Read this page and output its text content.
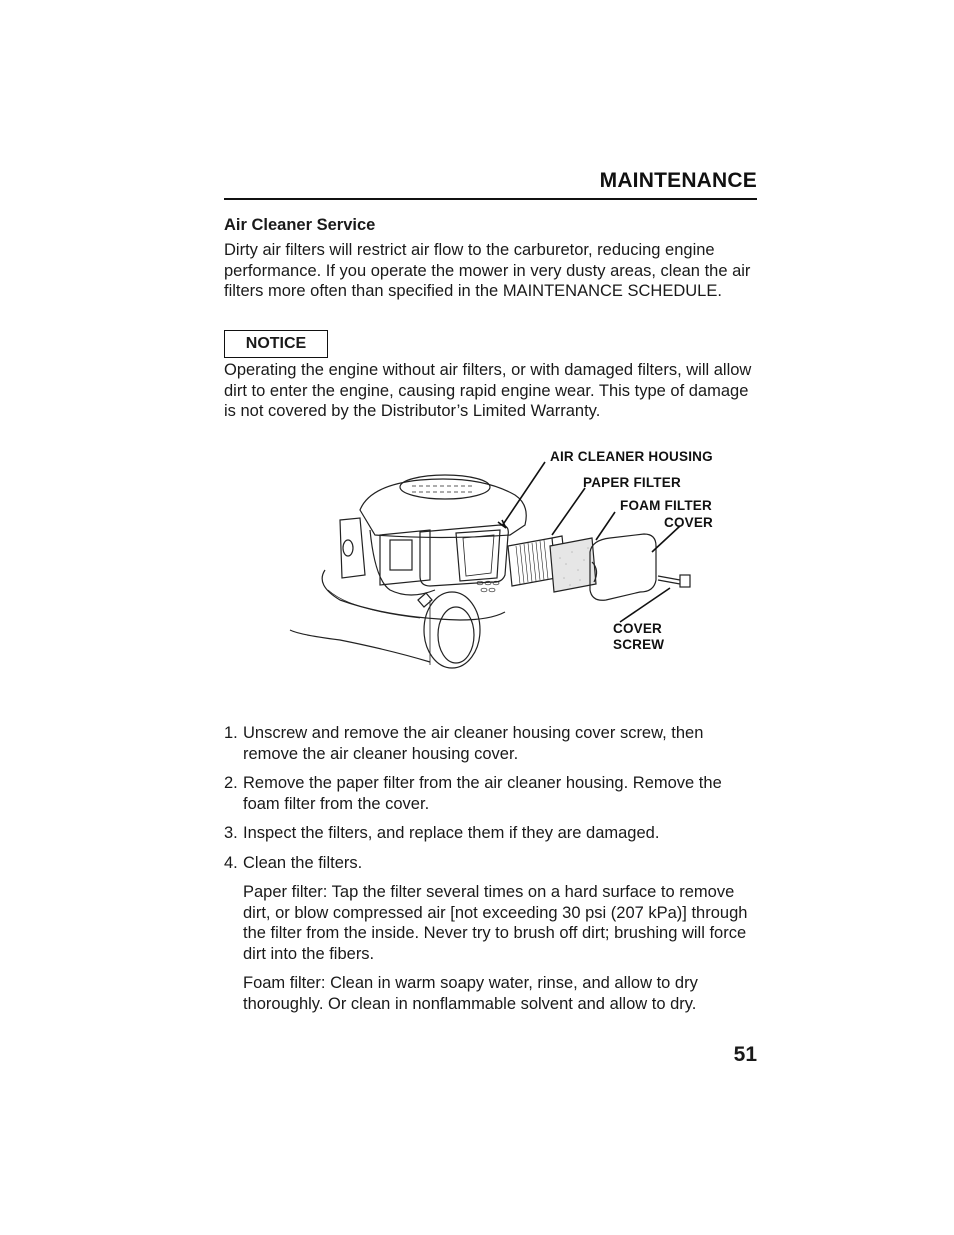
MAINTENANCE
Air Cleaner Service
Dirty air filters will restrict air flow to the carburetor, reducing engine performance. If you operate the mower in very dusty areas, clean the air filters more often than specified in the MAINTENANCE SCHEDULE.
NOTICE
Operating the engine without air filters, or with damaged filters, will allow dirt to enter the engine, causing rapid engine wear. This type of damage is not covered by the Distributor’s Limited Warranty.
AIR CLEANER HOUSING
PAPER FILTER
FOAM FILTER
COVER
COVER
SCREW
1. Unscrew and remove the air cleaner housing cover screw, then remove the air cleaner housing cover.
2. Remove the paper filter from the air cleaner housing. Remove the foam filter from the cover.
3. Inspect the filters, and replace them if they are damaged.
4. Clean the filters.

Paper filter: Tap the filter several times on a hard surface to remove dirt, or blow compressed air [not exceeding 30 psi (207 kPa)] through the filter from the inside. Never try to brush off dirt; brushing will force dirt into the fibers.

Foam filter: Clean in warm soapy water, rinse, and allow to dry thoroughly. Or clean in nonflammable solvent and allow to dry.

51
